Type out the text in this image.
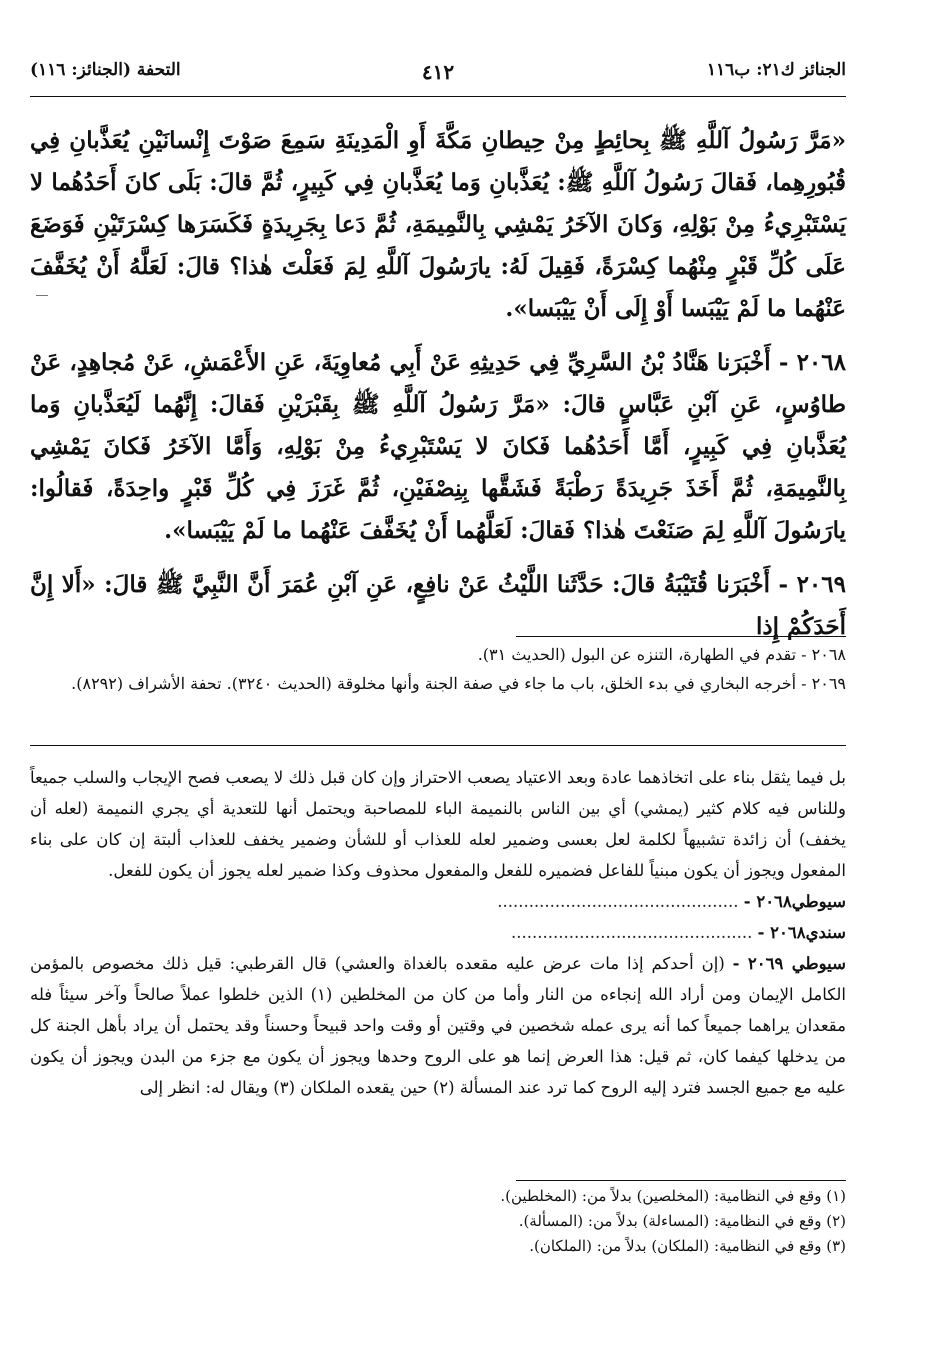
الجنائز ك٢١: ب١١٦
٤١٢
التحفة (الجنائز: ١١٦)

«مَرَّ رَسُولُ آللَّهِ ﷺ بِحائِطٍ مِنْ حِيطانِ مَكَّةَ أَوِ الْمَدِينَةِ سَمِعَ صَوْتَ إِنْسانَيْنِ يُعَذَّبانِ فِي قُبُورِهِما، فَقالَ رَسُولُ آللَّهِ ﷺ: يُعَذَّبانِ وَما يُعَذَّبانِ فِي كَبِيرٍ، ثُمَّ قالَ: بَلَى كانَ أَحَدُهُما لا يَسْتَبْرِيءُ مِنْ بَوْلِهِ، وَكانَ الآخَرُ يَمْشِي بِالنَّمِيمَةِ، ثُمَّ دَعا بِجَرِيدَةٍ فَكَسَرَها كِسْرَتَيْنِ فَوَضَعَ عَلَى كُلِّ قَبْرٍ مِنْهُما كِسْرَةً، فَقِيلَ لَهُ: يارَسُولَ آللَّهِ لِمَ فَعَلْتَ هٰذا؟ قالَ: لَعَلَّهُ أَنْ يُخَفَّفَ عَنْهُما ما لَمْ يَيْبَسا أَوْ إِلَى أَنْ يَيْبَسا».

٢٠٦٨ - أَخْبَرَنا هَنَّادُ بْنُ السَّرِيِّ فِي حَدِيثِهِ عَنْ أَبِي مُعاوِيَةَ، عَنِ الأَعْمَشِ، عَنْ مُجاهِدٍ، عَنْ طاوُسٍ، عَنِ آبْنِ عَبَّاسٍ قالَ: «مَرَّ رَسُولُ آللَّهِ ﷺ بِقَبْرَيْنِ فَقالَ: إِنَّهُما لَيُعَذَّبانِ وَما يُعَذَّبانِ فِي كَبِيرٍ، أَمَّا أَحَدُهُما فَكانَ لا يَسْتَبْرِيءُ مِنْ بَوْلِهِ، وَأَمَّا الآخَرُ فَكانَ يَمْشِي بِالنَّمِيمَةِ، ثُمَّ أَخَذَ جَرِيدَةً رَطْبَةً فَشَقَّها بِنِصْفَيْنِ، ثُمَّ غَرَزَ فِي كُلِّ قَبْرٍ واحِدَةً، فَقالُوا: يارَسُولَ آللَّهِ لِمَ صَنَعْتَ هٰذا؟ فَقالَ: لَعَلَّهُما أَنْ يُخَفَّفَ عَنْهُما ما لَمْ يَيْبَسا».

٢٠٦٩ - أَخْبَرَنا قُتَيْبَةُ قالَ: حَدَّثَنا اللَّيْثُ عَنْ نافِعٍ، عَنِ آبْنِ عُمَرَ أَنَّ النَّبِيَّ ﷺ قالَ: «أَلا إِنَّ أَحَدَكُمْ إِذا

٢٠٦٨ - تقدم في الطهارة، التنزه عن البول (الحديث ٣١).

٢٠٦٩ - أخرجه البخاري في بدء الخلق، باب ما جاء في صفة الجنة وأنها مخلوقة (الحديث ٣٢٤٠). تحفة الأشراف (٨٢٩٢).

بل فيما يثقل بناء على اتخاذهما عادة وبعد الاعتياد يصعب الاحتراز وإن كان قبل ذلك لا يصعب فصح الإيجاب والسلب جميعاً وللناس فيه كلام كثير (يمشي) أي بين الناس بالنميمة الباء للمصاحبة ويحتمل أنها للتعدية أي يجري النميمة (لعله أن يخفف) أن زائدة تشبيهاً لكلمة لعل بعسى وضمير لعله للعذاب أو للشأن وضمير يخفف للعذاب ألبتة إن كان على بناء المفعول ويجوز أن يكون مبنياً للفاعل فضميره للفعل والمفعول محذوف وكذا ضمير لعله يجوز أن يكون للفعل.

سيوطي٢٠٦٨ - ..............................................

سندي٢٠٦٨ - ..............................................

سيوطي ٢٠٦٩ - (إن أحدكم إذا مات عرض عليه مقعده بالغداة والعشي) قال القرطبي: قيل ذلك مخصوص بالمؤمن الكامل الإيمان ومن أراد الله إنجاءه من النار وأما من كان من المخلطين (١) الذين خلطوا عملاً صالحاً وآخر سيئاً فله مقعدان يراهما جميعاً كما أنه يرى عمله شخصين في وقتين أو وقت واحد قبيحاً وحسناً وقد يحتمل أن يراد بأهل الجنة كل من يدخلها كيفما كان، ثم قيل: هذا العرض إنما هو على الروح وحدها ويجوز أن يكون مع جزء من البدن ويجوز أن يكون عليه مع جميع الجسد فترد إليه الروح كما ترد عند المسألة (٢) حين يقعده الملكان (٣) ويقال له: انظر إلى

(١) وقع في النظامية: (المخلصين) بدلاً من: (المخلطين).

(٢) وقع في النظامية: (المساءلة) بدلاً من: (المسألة).

(٣) وقع في النظامية: (الملكان) بدلاً من: (الملكان).
